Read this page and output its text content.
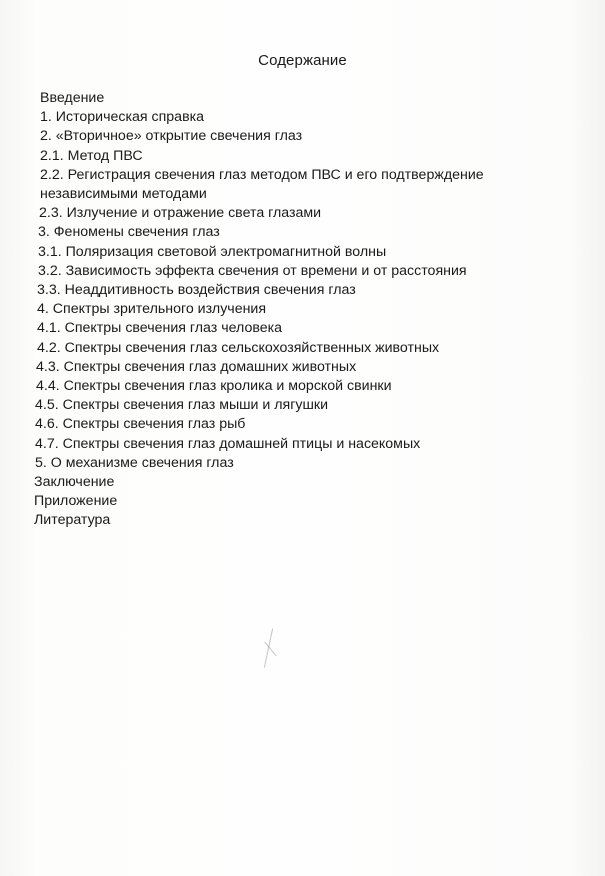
Содержание
Введение
1. Историческая справка
2. «Вторичное» открытие свечения глаз
2.1. Метод ПВС
2.2. Регистрация свечения глаз методом ПВС и его подтверждение
независимыми методами
2.3. Излучение и отражение света глазами
3. Феномены свечения глаз
3.1. Поляризация световой электромагнитной волны
3.2. Зависимость эффекта свечения от времени и от расстояния
3.3. Неаддитивность воздействия свечения глаз
4. Спектры зрительного излучения
4.1. Спектры свечения глаз человека
4.2. Спектры свечения глаз сельскохозяйственных животных
4.3. Спектры свечения глаз домашних животных
4.4. Спектры свечения глаз кролика и морской свинки
4.5. Спектры свечения глаз мыши и лягушки
4.6. Спектры свечения глаз рыб
4.7. Спектры свечения глаз домашней птицы и насекомых
5. О механизме свечения глаз
Заключение
Приложение
Литература
